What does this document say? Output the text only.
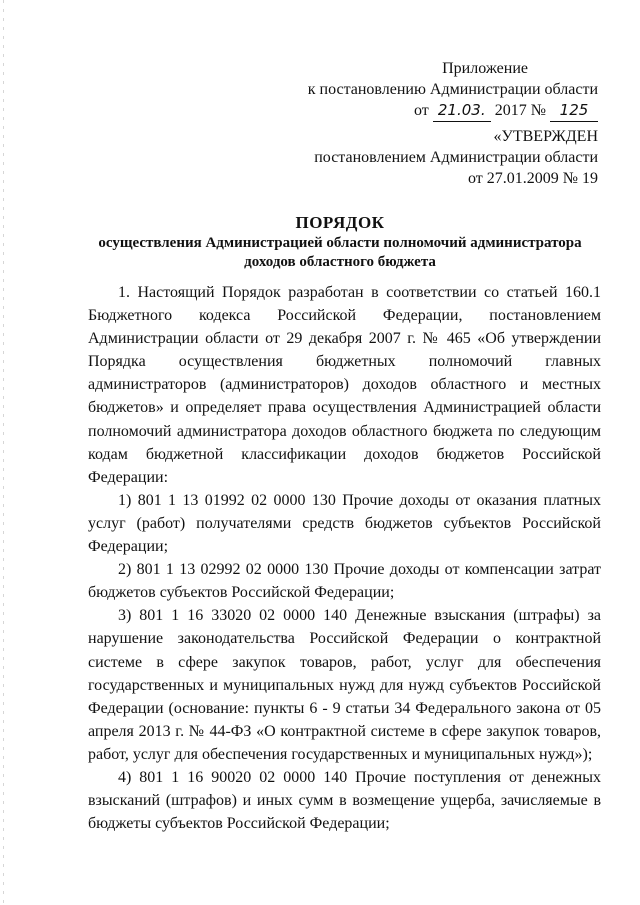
Приложение
к постановлению Администрации области
от 21.03. 2017 № 125
«УТВЕРЖДЕН
постановлением Администрации области
от 27.01.2009 № 19
ПОРЯДОК
осуществления Администрацией области полномочий администратора
доходов областного бюджета

1. Настоящий Порядок разработан в соответствии со статьей 160.1 Бюджетного кодекса Российской Федерации, постановлением Администрации области от 29 декабря 2007 г. № 465 «Об утверждении Порядка осуществления бюджетных полномочий главных администраторов (администраторов) доходов областного и местных бюджетов» и определяет права осуществления Администрацией области полномочий администратора доходов областного бюджета по следующим кодам бюджетной классификации доходов бюджетов Российской Федерации:

1) 801 1 13 01992 02 0000 130 Прочие доходы от оказания платных услуг (работ) получателями средств бюджетов субъектов Российской Федерации;

2) 801 1 13 02992 02 0000 130 Прочие доходы от компенсации затрат бюджетов субъектов Российской Федерации;

3) 801 1 16 33020 02 0000 140 Денежные взыскания (штрафы) за нарушение законодательства Российской Федерации о контрактной системе в сфере закупок товаров, работ, услуг для обеспечения государственных и муниципальных нужд для нужд субъектов Российской Федерации (основание: пункты 6 - 9 статьи 34 Федерального закона от 05 апреля 2013 г. № 44-ФЗ «О контрактной системе в сфере закупок товаров, работ, услуг для обеспечения государственных и муниципальных нужд»);

4) 801 1 16 90020 02 0000 140 Прочие поступления от денежных взысканий (штрафов) и иных сумм в возмещение ущерба, зачисляемые в бюджеты субъектов Российской Федерации;
